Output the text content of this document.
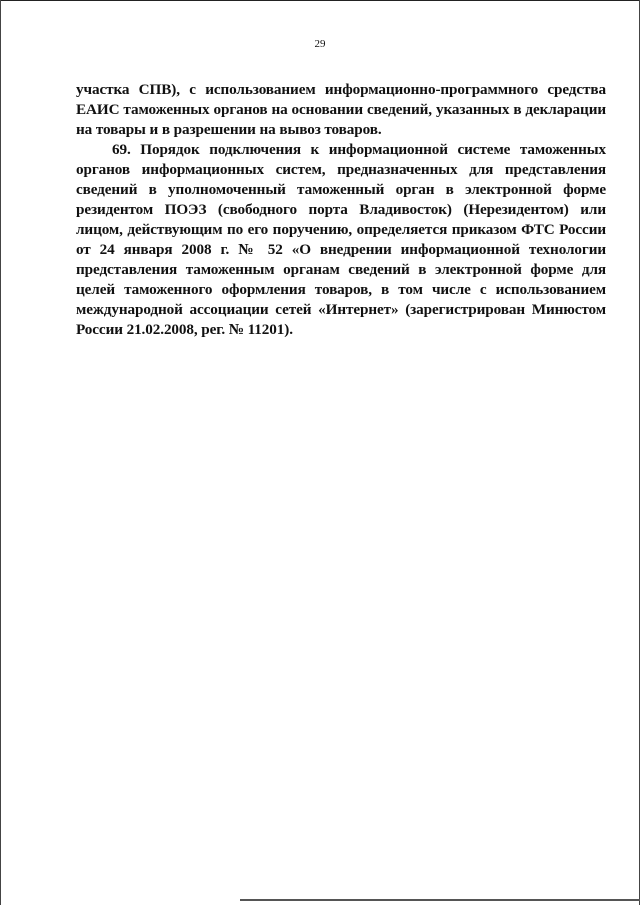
29

участка СПВ), с использованием информационно-программного средства ЕАИС таможенных органов на основании сведений, указанных в декларации на товары и в разрешении на вывоз товаров.

69. Порядок подключения к информационной системе таможенных органов информационных систем, предназначенных для представления сведений в уполномоченный таможенный орган в электронной форме резидентом ПОЭЗ (свободного порта Владивосток) (Нерезидентом) или лицом, действующим по его поручению, определяется приказом ФТС России от 24 января 2008 г. № 52 «О внедрении информационной технологии представления таможенным органам сведений в электронной форме для целей таможенного оформления товаров, в том числе с использованием международной ассоциации сетей «Интернет» (зарегистрирован Минюстом России 21.02.2008, рег. № 11201).
